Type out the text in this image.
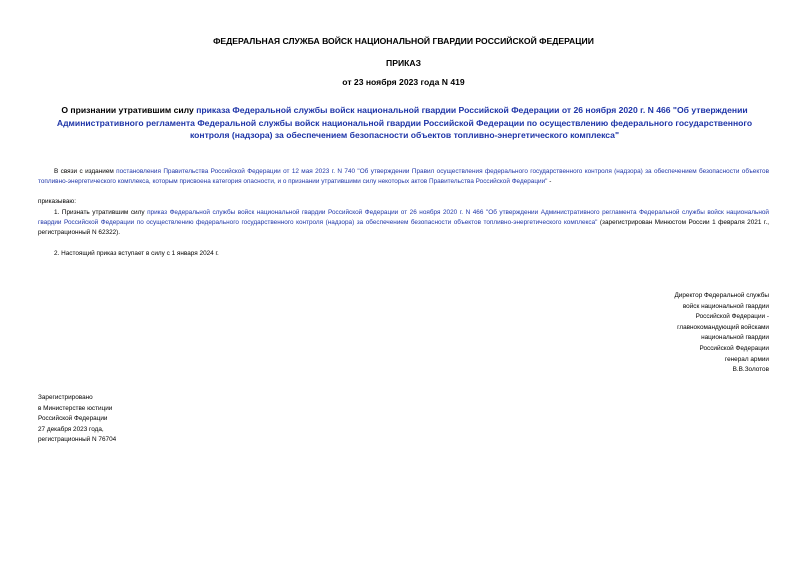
ФЕДЕРАЛЬНАЯ СЛУЖБА ВОЙСК НАЦИОНАЛЬНОЙ ГВАРДИИ РОССИЙСКОЙ ФЕДЕРАЦИИ

ПРИКАЗ

от 23 ноября 2023 года N 419

О признании утратившим силу приказа Федеральной службы войск национальной гвардии Российской Федерации от 26 ноября 2020 г. N 466 "Об утверждении Административного регламента Федеральной службы войск национальной гвардии Российской Федерации по осуществлению федерального государственного контроля (надзора) за обеспечением безопасности объектов топливно-энергетического комплекса"

В связи с изданием постановления Правительства Российской Федерации от 12 мая 2023 г. N 740 "Об утверждении Правил осуществления федерального государственного контроля (надзора) за обеспечением безопасности объектов топливно-энергетического комплекса, которым присвоена категория опасности, и о признании утратившими силу некоторых актов Правительства Российской Федерации" -

приказываю:

1. Признать утратившим силу приказ Федеральной службы войск национальной гвардии Российской Федерации от 26 ноября 2020 г. N 466 "Об утверждении Административного регламента Федеральной службы войск национальной гвардии Российской Федерации по осуществлению федерального государственного контроля (надзора) за обеспечением безопасности объектов топливно-энергетического комплекса" (зарегистрирован Минюстом России 1 февраля 2021 г., регистрационный N 62322).

2. Настоящий приказ вступает в силу с 1 января 2024 г.

Директор Федеральной службы
войск национальной гвардии
Российской Федерации -
главнокомандующий войсками
национальной гвардии
Российской Федерации
генерал армии
В.В.Золотов
Зарегистрировано
в Министерстве юстиции
Российской Федерации
27 декабря 2023 года,
регистрационный N 76704
